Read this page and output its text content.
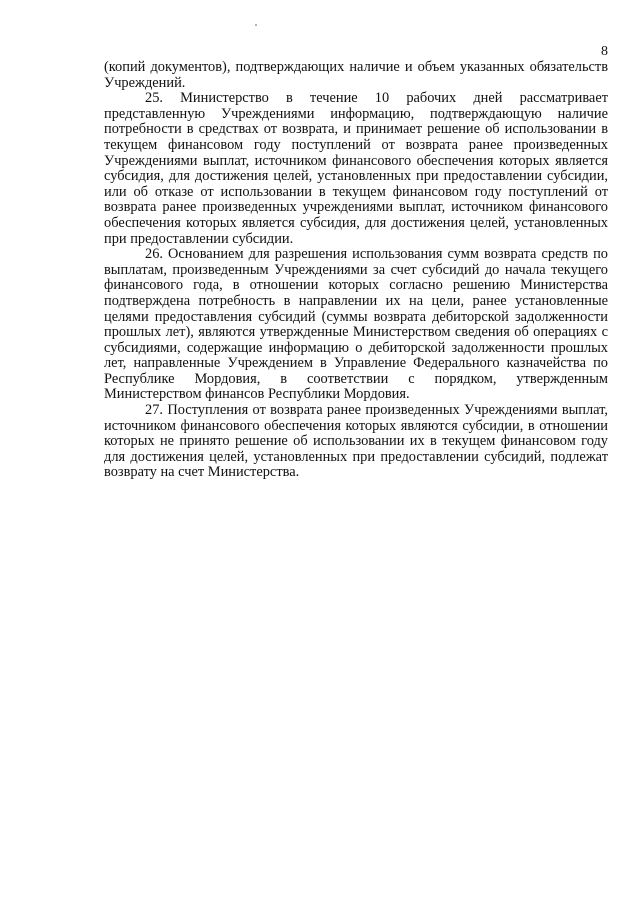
8

(копий документов), подтверждающих наличие и объем указанных обязательств Учреждений.

25. Министерство в течение 10 рабочих дней рассматривает представленную Учреждениями информацию, подтверждающую наличие потребности в средствах от возврата, и принимает решение об использовании в текущем финансовом году поступлений от возврата ранее произведенных Учреждениями выплат, источником финансового обеспечения которых является субсидия, для достижения целей, установленных при предоставлении субсидии, или об отказе от использовании в текущем финансовом году поступлений от возврата ранее произведенных учреждениями выплат, источником финансового обеспечения которых является субсидия, для достижения целей, установленных при предоставлении субсидии.

26. Основанием для разрешения использования сумм возврата средств по выплатам, произведенным Учреждениями за счет субсидий до начала текущего финансового года, в отношении которых согласно решению Министерства подтверждена потребность в направлении их на цели, ранее установленные целями предоставления субсидий (суммы возврата дебиторской задолженности прошлых лет), являются утвержденные Министерством сведения об операциях с субсидиями, содержащие информацию о дебиторской задолженности прошлых лет, направленные Учреждением в Управление Федерального казначейства по Республике Мордовия, в соответствии с порядком, утвержденным Министерством финансов Республики Мордовия.

27. Поступления от возврата ранее произведенных Учреждениями выплат, источником финансового обеспечения которых являются субсидии, в отношении которых не принято решение об использовании их в текущем финансовом году для достижения целей, установленных при предоставлении субсидий, подлежат возврату на счет Министерства.
